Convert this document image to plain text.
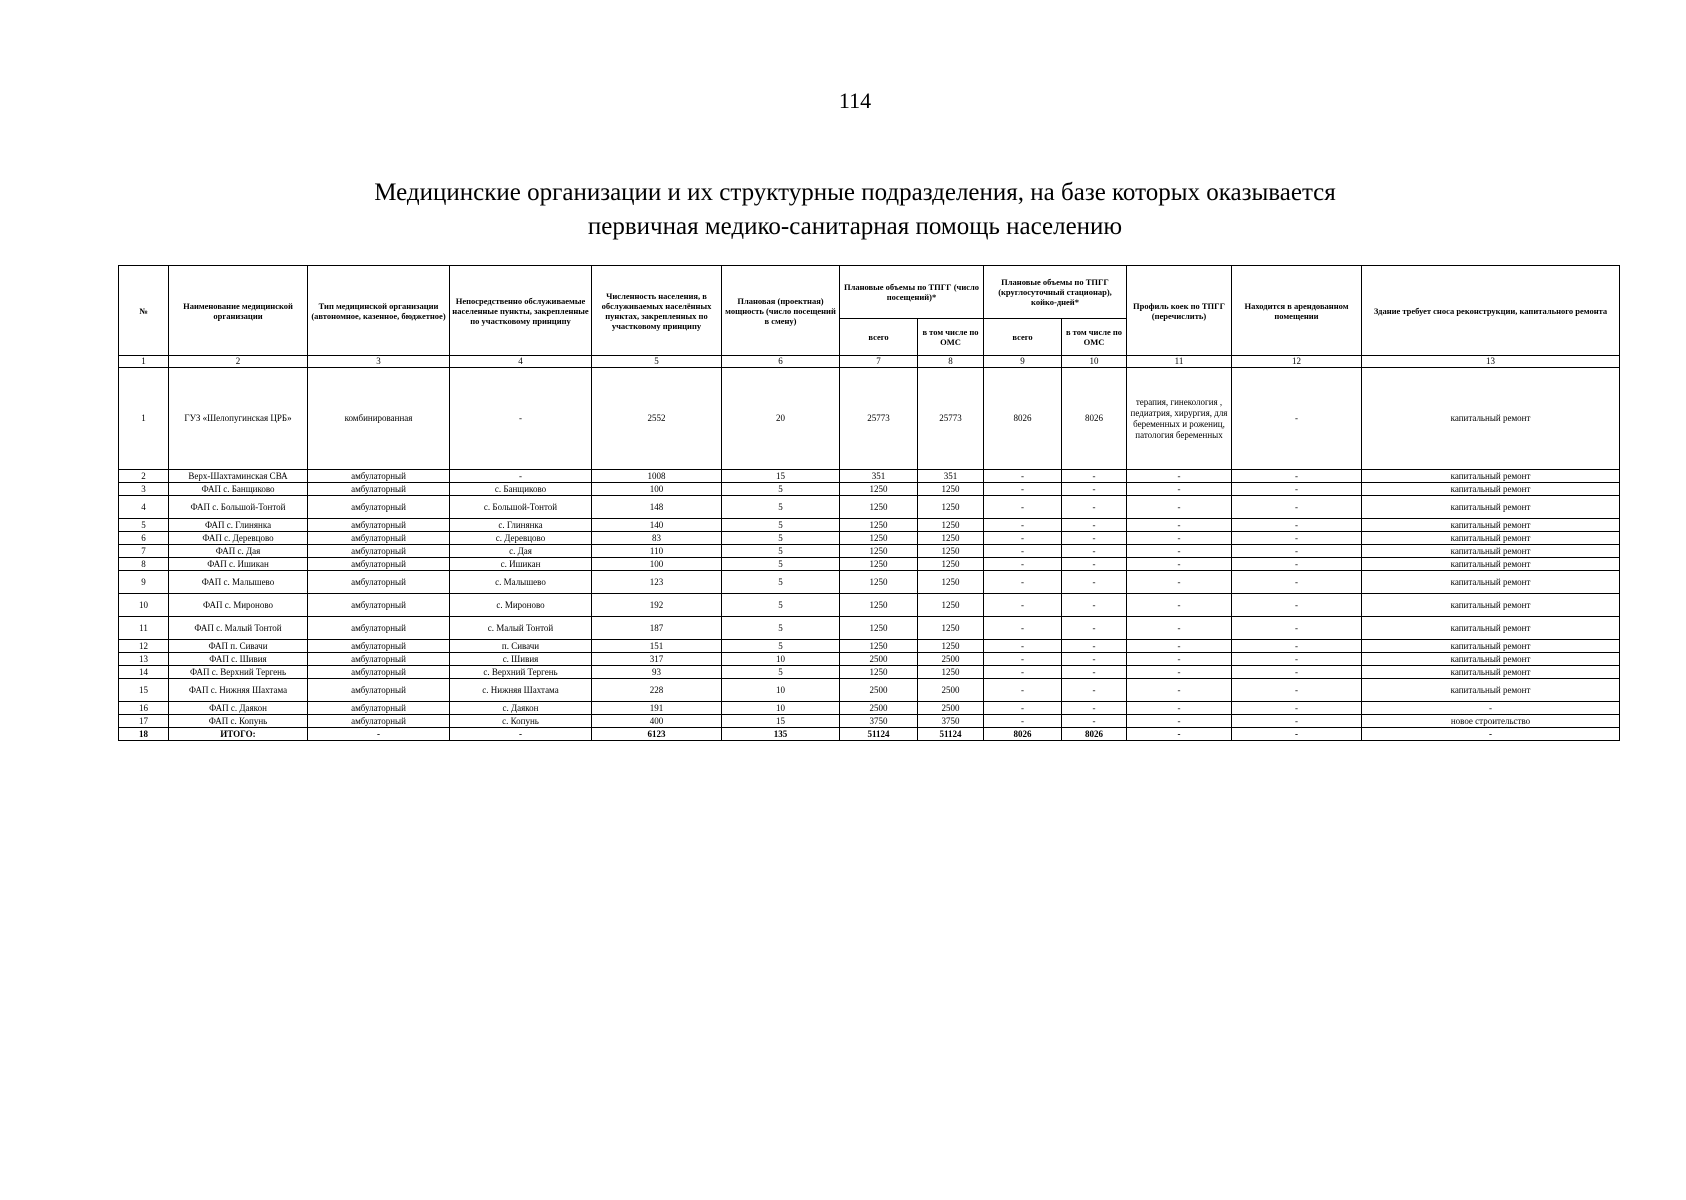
114
Медицинские организации и их структурные подразделения, на базе которых оказывается
первичная медико-санитарная помощь населению
№	Наименование медицинской организации	Тип медицинской организации (автономное, казенное, бюджетное)	Непосредственно обслуживаемые населенные пункты, закрепленные по участковому принципу	Численность населения, в обслуживаемых населённых пунктах, закрепленных по участковому принципу	Плановая (проектная) мощность (число посещений в смену)	Плановые объемы по ТПГГ (число посещений)*		Плановые объемы по ТПГГ (круглосуточный стационар), койко-дней*		Профиль коек по ТПГГ (перечислить)	Находится в арендованном помещении	Здание требует сноса реконструкции, капитального ремонта
						всего	в том числе по ОМС	всего	в том числе по ОМС			
1	2	3	4	5	6	7	8	9	10	11	12	13
1	ГУЗ «Шелопугинская ЦРБ»	комбинированная	-	2552	20	25773	25773	8026	8026	терапия, гинекология , педиатрия, хирургия, для беременных и рожениц, патология беременных	-	капитальный ремонт
2	Верх-Шахтаминская СВА	амбулаторный	-	1008	15	351	351	-	-	-	-	капитальный ремонт
3	ФАП с. Банщиково	амбулаторный	с. Банщиково	100	5	1250	1250	-	-	-	-	капитальный ремонт
4	ФАП с. Большой-Тонтой	амбулаторный	с. Большой-Тонтой	148	5	1250	1250	-	-	-	-	капитальный ремонт
5	ФАП с. Глинянка	амбулаторный	с. Глинянка	140	5	1250	1250	-	-	-	-	капитальный ремонт
6	ФАП с. Деревцово	амбулаторный	с. Деревцово	83	5	1250	1250	-	-	-	-	капитальный ремонт
7	ФАП с. Дая	амбулаторный	с. Дая	110	5	1250	1250	-	-	-	-	капитальный ремонт
8	ФАП с. Ишикан	амбулаторный	с. Ишикан	100	5	1250	1250	-	-	-	-	капитальный ремонт
9	ФАП с. Малышево	амбулаторный	с. Малышево	123	5	1250	1250	-	-	-	-	капитальный ремонт
10	ФАП с. Мироново	амбулаторный	с. Мироново	192	5	1250	1250	-	-	-	-	капитальный ремонт
11	ФАП с. Малый Тонтой	амбулаторный	с. Малый Тонтой	187	5	1250	1250	-	-	-	-	капитальный ремонт
12	ФАП п. Сивачи	амбулаторный	п. Сивачи	151	5	1250	1250	-	-	-	-	капитальный ремонт
13	ФАП с. Шивия	амбулаторный	с. Шивия	317	10	2500	2500	-	-	-	-	капитальный ремонт
14	ФАП с. Верхний Тергень	амбулаторный	с. Верхний Тергень	93	5	1250	1250	-	-	-	-	капитальный ремонт
15	ФАП с. Нижняя Шахтама	амбулаторный	с. Нижняя Шахтама	228	10	2500	2500	-	-	-	-	капитальный ремонт
16	ФАП с. Даякон	амбулаторный	с. Даякон	191	10	2500	2500	-	-	-	-	-
17	ФАП с. Копунь	амбулаторный	с. Копунь	400	15	3750	3750	-	-	-	-	новое строительство
18	ИТОГО:	-	-	6123	135	51124	51124	8026	8026	-	-	-
